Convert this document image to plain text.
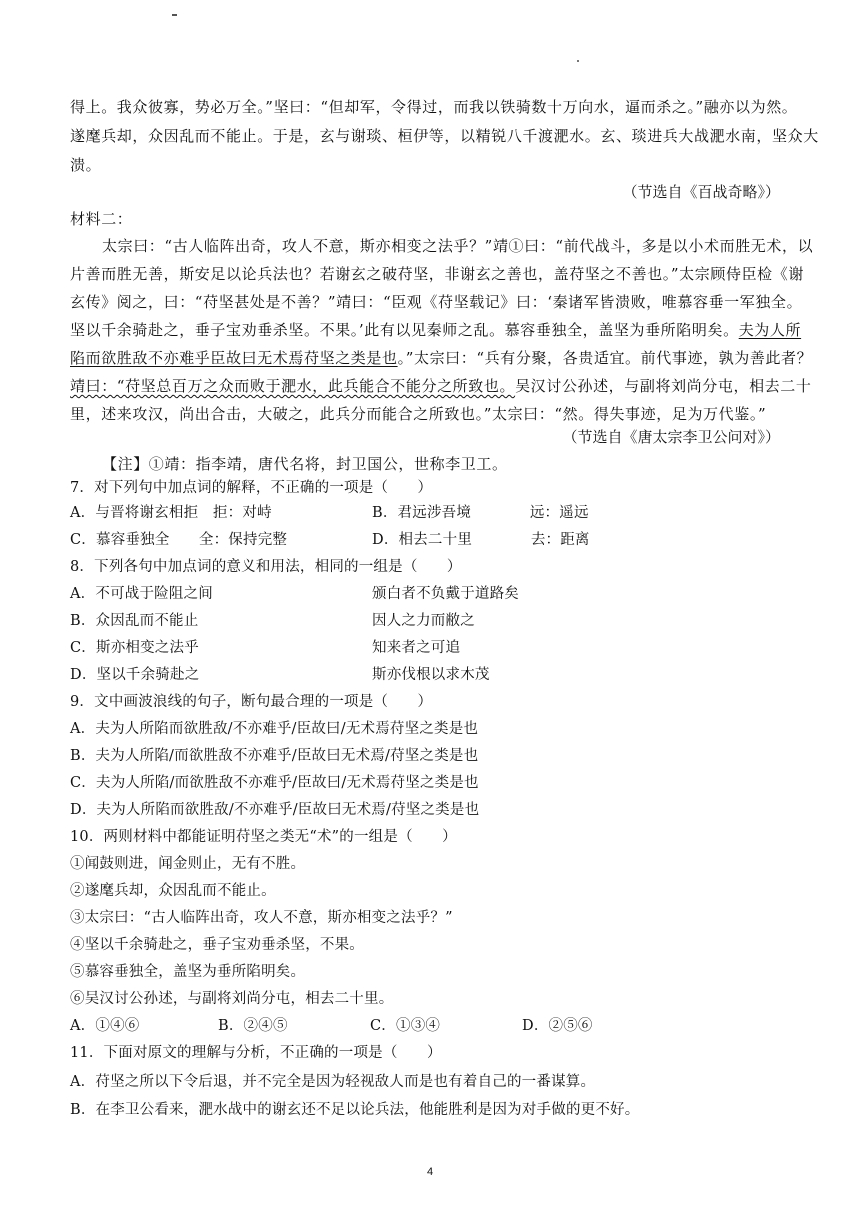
得上。我众彼寡，势必万全。”坚曰：“但却军，令得过，而我以铁骑数十万向水，逼而杀之。”融亦以为然。
遂麾兵却，众因乱而不能止。于是，玄与谢琰、桓伊等，以精锐八千渡淝水。玄、琰进兵大战淝水南，坚众大
溃。
（节选自《百战奇略》）
材料二：
太宗曰：“古人临阵出奇，攻人不意，斯亦相变之法乎？”靖①曰：“前代战斗，多是以小术而胜无术，以
片善而胜无善，斯安足以论兵法也？若谢玄之破苻坚，非谢玄之善也，盖苻坚之不善也。”太宗顾侍臣检《谢
玄传》阅之，曰：“苻坚甚处是不善？”靖曰：“臣观《苻坚载记》曰：‘秦诸军皆溃败，唯慕容垂一军独全。
坚以千余骑赴之，垂子宝劝垂杀坚。不果。’此有以见秦师之乱。慕容垂独全，盖坚为垂所陷明矣。夫为人所
陷而欲胜敌不亦难乎臣故曰无术焉苻坚之类是也。”太宗曰：“兵有分聚，各贵适宜。前代事迹，孰为善此者？
靖曰：“苻坚总百万之众而败于淝水，此兵能合不能分之所致也。吴汉讨公孙述，与副将刘尚分屯，相去二十
里，述来攻汉，尚出合击，大破之，此兵分而能合之所致也。”太宗曰：“然。得失事迹，足为万代鉴。”
（节选自《唐太宗李卫公问对》）
【注】①靖：指李靖，唐代名将，封卫国公，世称李卫工。
7．对下列句中加点词的解释，不正确的一项是（　　）
A．与晋将谢玄相拒　拒：对峙	B．君远涉吾境　　　　远：遥远
C．慕容垂独全　　全：保持完整	D．相去二十里　　　　去：距离
8．下列各句中加点词的意义和用法，相同的一组是（　　）
A．不可战于险阻之间	颁白者不负戴于道路矣
B．众因乱而不能止	因人之力而敝之
C．斯亦相变之法乎	知来者之可追
D．坚以千余骑赴之	斯亦伐根以求木茂
9．文中画波浪线的句子，断句最合理的一项是（　　）
A．夫为人所陷而欲胜敌/不亦难乎/臣故曰/无术焉苻坚之类是也
B．夫为人所陷/而欲胜敌不亦难乎/臣故曰无术焉/苻坚之类是也
C．夫为人所陷/而欲胜敌不亦难乎/臣故曰/无术焉苻坚之类是也
D．夫为人所陷而欲胜敌/不亦难乎/臣故曰无术焉/苻坚之类是也
10．两则材料中都能证明苻坚之类无“术”的一组是（　　）
①闻鼓则进，闻金则止，无有不胜。
②遂麾兵却，众因乱而不能止。
③太宗曰：“古人临阵出奇，攻人不意，斯亦相变之法乎？”
④坚以千余骑赴之，垂子宝劝垂杀坚，不果。
⑤慕容垂独全，盖坚为垂所陷明矣。
⑥吴汉讨公孙述，与副将刘尚分屯，相去二十里。
A．①④⑥	B．②④⑤	C．①③④	D．②⑤⑥
11．下面对原文的理解与分析，不正确的一项是（　　）
A．苻坚之所以下令后退，并不完全是因为轻视敌人而是也有着自己的一番谋算。
B．在李卫公看来，淝水战中的谢玄还不足以论兵法，他能胜利是因为对手做的更不好。
4
